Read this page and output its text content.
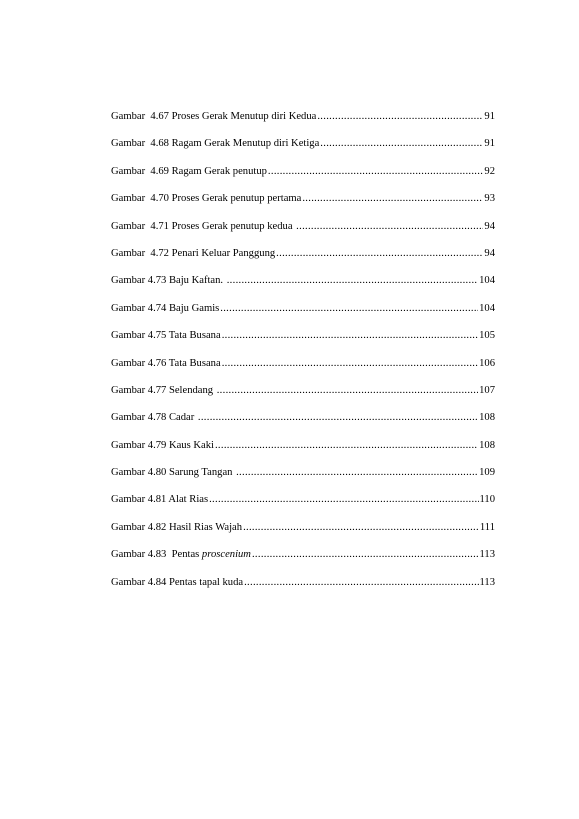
Gambar  4.67 Proses Gerak Menutup diri Kedua .....	91
Gambar  4.68 Ragam Gerak Menutup diri Ketiga .....	91
Gambar  4.69 Ragam Gerak penutup .....	92
Gambar  4.70 Proses Gerak penutup pertama .....	93
Gambar  4.71 Proses Gerak penutup kedua .....	94
Gambar  4.72 Penari Keluar Panggung .....	94
Gambar 4.73 Baju Kaftan. .....	104
Gambar 4.74 Baju Gamis .....	104
Gambar 4.75 Tata Busana .....	105
Gambar 4.76 Tata Busana .....	106
Gambar 4.77 Selendang .....	107
Gambar 4.78 Cadar .....	108
Gambar 4.79 Kaus Kaki .....	108
Gambar 4.80 Sarung Tangan .....	109
Gambar 4.81 Alat Rias .....	110
Gambar 4.82 Hasil Rias Wajah .....	111
Gambar 4.83  Pentas proscenium .....	113
Gambar 4.84 Pentas tapal kuda .....	113
